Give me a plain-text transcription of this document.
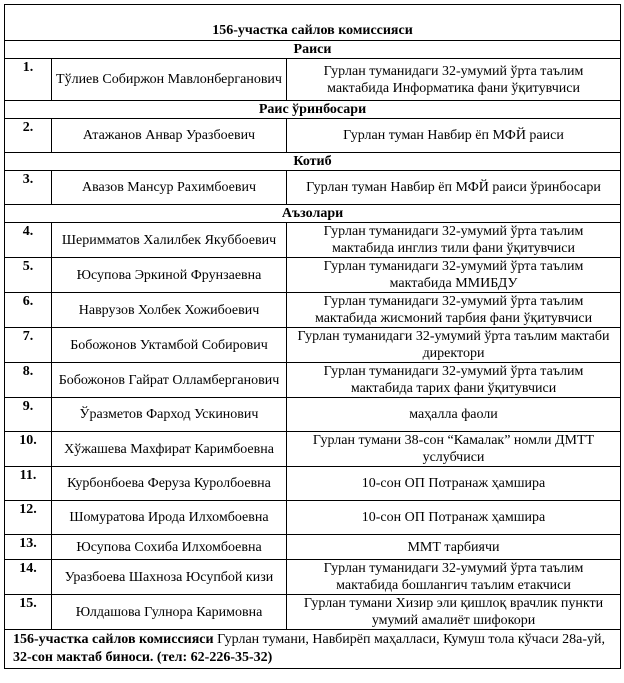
156-участка сайлов комиссияси		
Раиси		
1.	Тўлиев Собиржон Мавлонберганович	Гурлан туманидаги 32-умумий ўрта таълим мактабида Информатика фани ўқитувчиси
Раис ўринбосари		
2.	Атажанов Анвар Уразбоевич	Гурлан туман Навбир ёп МФЙ раиси
Котиб		
3.	Авазов Мансур Рахимбоевич	Гурлан туман Навбир ёп МФЙ раиси ўринбосари
Аъзолари		
4.	Шеримматов Халилбек Якуббоевич	Гурлан туманидаги 32-умумий ўрта таълим мактабида инглиз тили фани ўқитувчиси
5.	Юсупова Эркиной Фрунзаевна	Гурлан туманидаги 32-умумий ўрта таълим мактабида ММИБДУ
6.	Наврузов Холбек Хожибоевич	Гурлан туманидаги 32-умумий ўрта таълим мактабида жисмоний тарбия фани ўқитувчиси
7.	Бобожонов Уктамбой Собирович	Гурлан туманидаги 32-умумий ўрта таълим мактаби директори
8.	Бобожонов Гайрат Олламберганович	Гурлан туманидаги 32-умумий ўрта таълим мактабида тарих фани ўқитувчиси
9.	Ўразметов Фарход Ускинович	маҳалла фаоли
10.	Хўжашева Махфират Каримбоевна	Гурлан тумани 38-сон “Камалак” номли ДМТТ услубчиси
11.	Курбонбоева Феруза Куролбоевна	10-сон ОП Потранаж ҳамшира
12.	Шомуратова Ирода Илхомбоевна	10-сон ОП Потранаж ҳамшира
13.	Юсупова Сохиба Илхомбоевна	ММТ тарбиячи
14.	Уразбоева Шахноза Юсупбой кизи	Гурлан туманидаги 32-умумий ўрта таълим мактабида бошлангич таълим етакчиси
15.	Юлдашова Гулнора Каримовна	Гурлан тумани Хизир эли қишлоқ врачлик пункти умумий амалиёт шифокори
156-участка сайлов комиссияси Гурлан тумани, Навбирёп маҳалласи, Кумуш тола кўчаси 28а-уй, 32-сон мактаб биноси. (тел: 62-226-35-32)		
